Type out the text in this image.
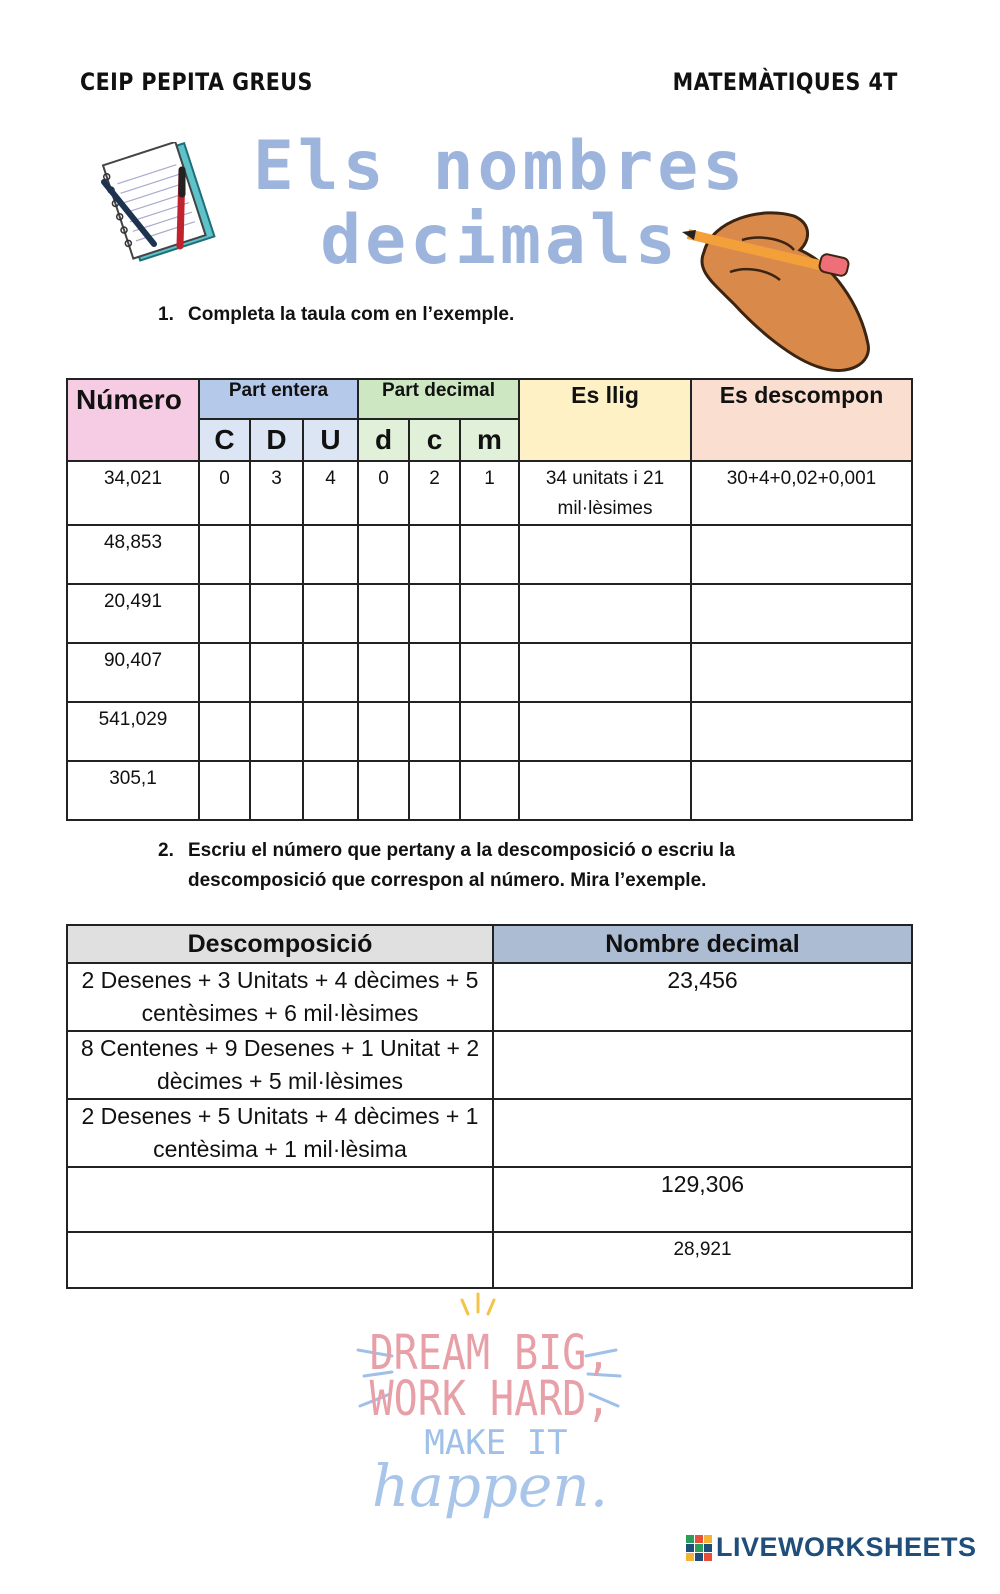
CEIP PEPITA GREUS	MATEMÀTIQUES 4T
Els nombres
decimals
1. Completa la taula com en l’exemple.
Número	Part entera			Part decimal			Es llig	Es descompon
	C	D	U	d	c	m		
34,021	0	3	4	0	2	1	34 unitats i 21 mil·lèsimes	30+4+0,02+0,001
48,853								
20,491								
90,407								
541,029								
305,1								
2. Escriu el número que pertany a la descomposició o escriu la
descomposició que correspon al número. Mira l’exemple.
Descomposició	Nombre decimal
2 Desenes + 3 Unitats + 4 dècimes + 5 centèsimes + 6 mil·lèsimes	23,456
8 Centenes + 9 Desenes + 1 Unitat + 2 dècimes + 5 mil·lèsimes	
2 Desenes + 5 Unitats + 4 dècimes + 1 centèsima + 1 mil·lèsima	
	129,306
	28,921
DREAM BIG,
WORK HARD,
MAKE IT
happen.
LIVEWORKSHEETS
